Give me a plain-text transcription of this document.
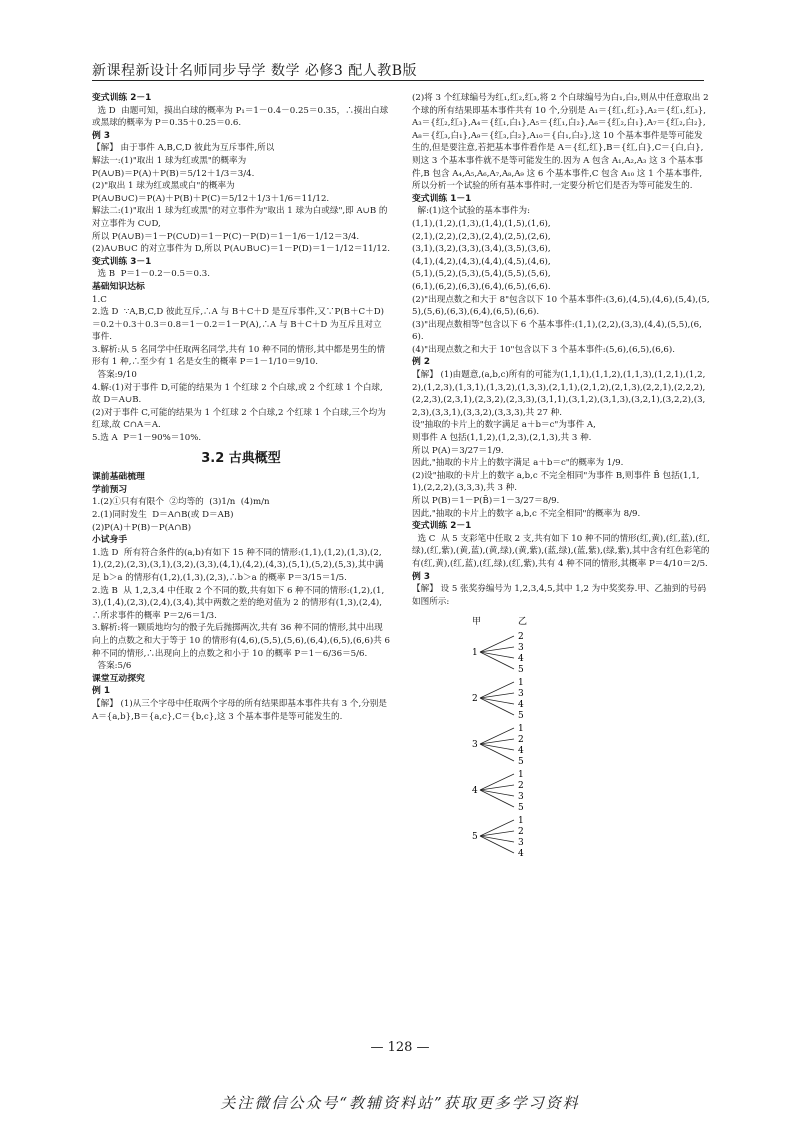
新课程新设计名师同步导学 数学 必修3 配人教B版

变式训练 2－1

选 D  由题可知，摸出白球的概率为 P₁＝1－0.4－0.25＝0.35，∴摸出白球或黑球的概率为 P＝0.35＋0.25＝0.6.

例 3

【解】 由于事件 A,B,C,D 彼此为互斥事件,所以

解法一:(1)"取出 1 球为红或黑"的概率为

P(A∪B)＝P(A)＋P(B)＝5/12＋1/3＝3/4.

(2)"取出 1 球为红或黑或白"的概率为

P(A∪B∪C)＝P(A)＋P(B)＋P(C)＝5/12＋1/3＋1/6＝11/12.

解法二:(1)"取出 1 球为红或黑"的对立事件为"取出 1 球为白或绿",即 A∪B 的对立事件为 C∪D,

所以 P(A∪B)＝1－P(C∪D)＝1－P(C)－P(D)＝1－1/6－1/12＝3/4.

(2)A∪B∪C 的对立事件为 D,所以 P(A∪B∪C)＝1－P(D)＝1－1/12＝11/12.

变式训练 3－1

选 B  P＝1－0.2－0.5＝0.3.

基础知识达标

1.C

2.选 D  ∵A,B,C,D 彼此互斥,∴A 与 B＋C＋D 是互斥事件,又∵P(B＋C＋D)＝0.2＋0.3＋0.3＝0.8＝1－0.2＝1－P(A),∴A 与 B＋C＋D 为互斥且对立事件.

3.解析:从 5 名同学中任取两名同学,共有 10 种不同的情形,其中都是男生的情形有 1 种,∴至少有 1 名是女生的概率 P＝1－1/10＝9/10.

答案:9/10

4.解:(1)对于事件 D,可能的结果为 1 个红球 2 个白球,或 2 个红球 1 个白球,故 D＝A∪B.

(2)对于事件 C,可能的结果为 1 个红球 2 个白球,2 个红球 1 个白球,三个均为红球,故 C∩A＝A.

5.选 A  P＝1－90%＝10%.

3.2 古典概型

课前基础梳理

学前预习

1.(2)①只有有限个  ②均等的  (3)1/n  (4)m/n

2.(1)同时发生  D＝A∩B(或 D＝AB)

(2)P(A)＋P(B)－P(A∩B)

小试身手

1.选 D  所有符合条件的(a,b)有如下 15 种不同的情形:(1,1),(1,2),(1,3),(2,1),(2,2),(2,3),(3,1),(3,2),(3,3),(4,1),(4,2),(4,3),(5,1),(5,2),(5,3),其中满足 b＞a 的情形有(1,2),(1,3),(2,3),∴b＞a 的概率 P＝3/15＝1/5.

2.选 B  从 1,2,3,4 中任取 2 个不同的数,共有如下 6 种不同的情形:(1,2),(1,3),(1,4),(2,3),(2,4),(3,4),其中两数之差的绝对值为 2 的情形有(1,3),(2,4),∴所求事件的概率 P＝2/6＝1/3.

3.解析:将一颗质地均匀的骰子先后抛掷两次,共有 36 种不同的情形,其中出现向上的点数之和大于等于 10 的情形有(4,6),(5,5),(5,6),(6,4),(6,5),(6,6)共 6 种不同的情形,∴出现向上的点数之和小于 10 的概率 P＝1－6/36＝5/6.

答案:5/6

课堂互动探究

例 1

【解】 (1)从三个字母中任取两个字母的所有结果即基本事件共有 3 个,分别是 A＝{a,b},B＝{a,c},C＝{b,c},这 3 个基本事件是等可能发生的.

(2)将 3 个红球编号为红₁,红₂,红₃,将 2 个白球编号为白₁,白₂,则从中任意取出 2 个球的所有结果即基本事件共有 10 个,分别是 A₁＝{红₁,红₂},A₂＝{红₁,红₃},A₃＝{红₂,红₃},A₄＝{红₁,白₁},A₅＝{红₁,白₂},A₆＝{红₂,白₁},A₇＝{红₂,白₂},A₈＝{红₃,白₁},A₉＝{红₃,白₂},A₁₀＝{白₁,白₂},这 10 个基本事件是等可能发生的,但是要注意,若把基本事件看作是 A＝{红,红},B＝{红,白},C＝{白,白},则这 3 个基本事件就不是等可能发生的.因为 A 包含 A₁,A₂,A₃ 这 3 个基本事件,B 包含 A₄,A₅,A₆,A₇,A₈,A₉ 这 6 个基本事件,C 包含 A₁₀ 这 1 个基本事件,所以分析一个试验的所有基本事件时,一定要分析它们是否为等可能发生的.

变式训练 1－1

解:(1)这个试验的基本事件为:

(1,1),(1,2),(1,3),(1,4),(1,5),(1,6),

(2,1),(2,2),(2,3),(2,4),(2,5),(2,6),

(3,1),(3,2),(3,3),(3,4),(3,5),(3,6),

(4,1),(4,2),(4,3),(4,4),(4,5),(4,6),

(5,1),(5,2),(5,3),(5,4),(5,5),(5,6),

(6,1),(6,2),(6,3),(6,4),(6,5),(6,6).

(2)"出现点数之和大于 8"包含以下 10 个基本事件:(3,6),(4,5),(4,6),(5,4),(5,5),(5,6),(6,3),(6,4),(6,5),(6,6).

(3)"出现点数相等"包含以下 6 个基本事件:(1,1),(2,2),(3,3),(4,4),(5,5),(6,6).

(4)"出现点数之和大于 10"包含以下 3 个基本事件:(5,6),(6,5),(6,6).

例 2

【解】 (1)由题意,(a,b,c)所有的可能为(1,1,1),(1,1,2),(1,1,3),(1,2,1),(1,2,2),(1,2,3),(1,3,1),(1,3,2),(1,3,3),(2,1,1),(2,1,2),(2,1,3),(2,2,1),(2,2,2),(2,2,3),(2,3,1),(2,3,2),(2,3,3),(3,1,1),(3,1,2),(3,1,3),(3,2,1),(3,2,2),(3,2,3),(3,3,1),(3,3,2),(3,3,3),共 27 种.

设"抽取的卡片上的数字满足 a＋b＝c"为事件 A,

则事件 A 包括(1,1,2),(1,2,3),(2,1,3),共 3 种.

所以 P(A)＝3/27＝1/9.

因此,"抽取的卡片上的数字满足 a＋b＝c"的概率为 1/9.

(2)设"抽取的卡片上的数字 a,b,c 不完全相同"为事件 B,则事件 B̄ 包括(1,1,1),(2,2,2),(3,3,3),共 3 种.

所以 P(B)＝1－P(B̄)＝1－3/27＝8/9.

因此,"抽取的卡片上的数字 a,b,c 不完全相同"的概率为 8/9.

变式训练 2－1

选 C  从 5 支彩笔中任取 2 支,共有如下 10 种不同的情形(红,黄),(红,蓝),(红,绿),(红,紫),(黄,蓝),(黄,绿),(黄,紫),(蓝,绿),(蓝,紫),(绿,紫),其中含有红色彩笔的有(红,黄),(红,蓝),(红,绿),(红,紫),共有 4 种不同的情形,其概率 P＝4/10＝2/5.

例 3

【解】 设 5 张奖券编号为 1,2,3,4,5,其中 1,2 为中奖奖券.甲、乙抽到的号码如图所示:

甲	乙
1
2
3
4
5
2
1
3
4
5
3
1
2
4
5
4
1
2
3
5
5
1
2
3
4
— 128 —
关注微信公众号“教辅资料站”获取更多学习资料
